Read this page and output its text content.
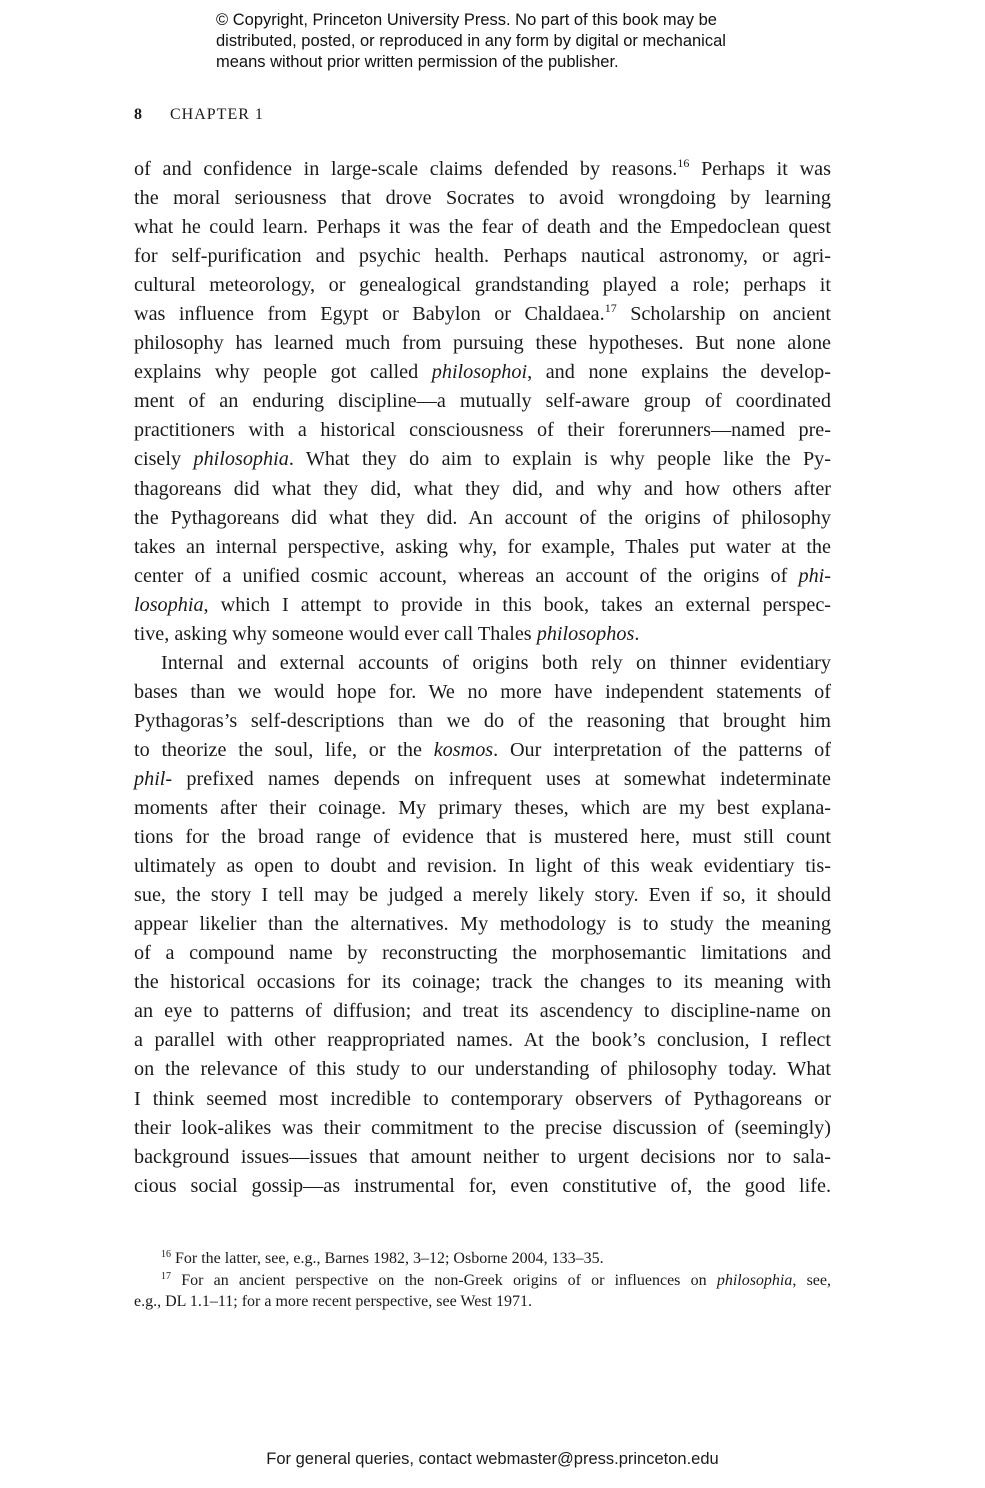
© Copyright, Princeton University Press. No part of this book may be
distributed, posted, or reproduced in any form by digital or mechanical
means without prior written permission of the publisher.
8 CHAPTER 1
of and confidence in large-scale claims defended by reasons.$^{16}$ Perhaps it was
the moral seriousness that drove Socrates to avoid wrongdoing by learning
what he could learn. Perhaps it was the fear of death and the Empedoclean quest
for self-purification and psychic health. Perhaps nautical astronomy, or agri-
cultural meteorology, or genealogical grandstanding played a role; perhaps it
was influence from Egypt or Babylon or Chaldaea.$^{17}$ Scholarship on ancient
philosophy has learned much from pursuing these hypotheses. But none alone
explains why people got called philosophoi, and none explains the develop-
ment of an enduring discipline—a mutually self-aware group of coordinated
practitioners with a historical consciousness of their forerunners—named pre-
cisely philosophia. What they do aim to explain is why people like the Py-
thagoreans did what they did, what they did, and why and how others after
the Pythagoreans did what they did. An account of the origins of philosophy
takes an internal perspective, asking why, for example, Thales put water at the
center of a unified cosmic account, whereas an account of the origins of phi-
losophia, which I attempt to provide in this book, takes an external perspec-
tive, asking why someone would ever call Thales philosophos.
Internal and external accounts of origins both rely on thinner evidentiary
bases than we would hope for. We no more have independent statements of
Pythagoras’s self-descriptions than we do of the reasoning that brought him
to theorize the soul, life, or the kosmos. Our interpretation of the patterns of
phil- prefixed names depends on infrequent uses at somewhat indeterminate
moments after their coinage. My primary theses, which are my best explana-
tions for the broad range of evidence that is mustered here, must still count
ultimately as open to doubt and revision. In light of this weak evidentiary tis-
sue, the story I tell may be judged a merely likely story. Even if so, it should
appear likelier than the alternatives. My methodology is to study the meaning
of a compound name by reconstructing the morphosemantic limitations and
the historical occasions for its coinage; track the changes to its meaning with
an eye to patterns of diffusion; and treat its ascendency to discipline-name on
a parallel with other reappropriated names. At the book’s conclusion, I reflect
on the relevance of this study to our understanding of philosophy today. What
I think seemed most incredible to contemporary observers of Pythagoreans or
their look-alikes was their commitment to the precise discussion of (seemingly)
background issues—issues that amount neither to urgent decisions nor to sala-
cious social gossip—as instrumental for, even constitutive of, the good life.
$^{16}$ For the latter, see, e.g., Barnes 1982, 3–12; Osborne 2004, 133–35.
$^{17}$ For an ancient perspective on the non-Greek origins of or influences on philosophia, see,
e.g., DL 1.1–11; for a more recent perspective, see West 1971.
For general queries, contact webmaster@press.princeton.edu
